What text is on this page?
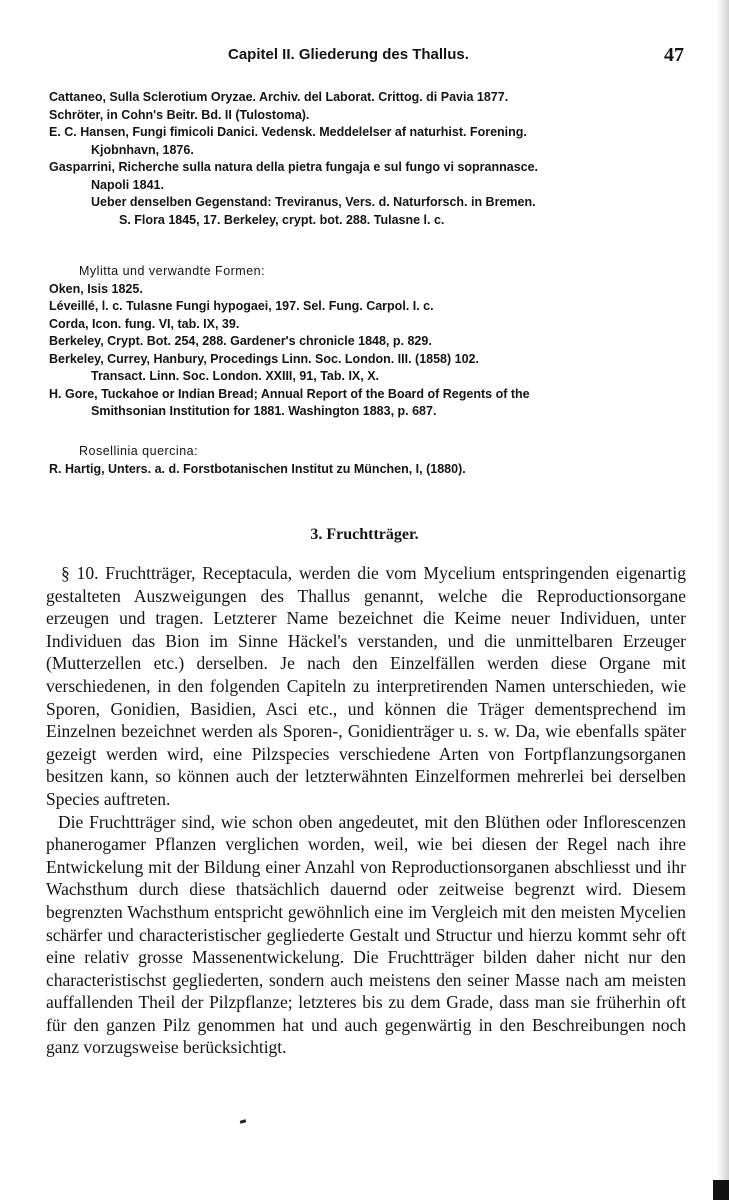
Capitel II. Gliederung des Thallus.	47
Cattaneo, Sulla Sclerotium Oryzae. Archiv. del Laborat. Crittog. di Pavia 1877.
Schröter, in Cohn's Beitr. Bd. II (Tulostoma).
E. C. Hansen, Fungi fimicoli Danici. Vedensk. Meddelelser af naturhist. Forening.
Kjobnhavn, 1876.
Gasparrini, Richerche sulla natura della pietra fungaja e sul fungo vi soprannasce.
Napoli 1841.
Ueber denselben Gegenstand: Treviranus, Vers. d. Naturforsch. in Bremen.
S. Flora 1845, 17. Berkeley, crypt. bot. 288. Tulasne l. c.
Mylitta und verwandte Formen:
Oken, Isis 1825.
Léveillé, l. c. Tulasne Fungi hypogaei, 197. Sel. Fung. Carpol. I. c.
Corda, Icon. fung. VI, tab. IX, 39.
Berkeley, Crypt. Bot. 254, 288. Gardener's chronicle 1848, p. 829.
Berkeley, Currey, Hanbury, Procedings Linn. Soc. London. III. (1858) 102.
Transact. Linn. Soc. London. XXIII, 91, Tab. IX, X.
H. Gore, Tuckahoe or Indian Bread; Annual Report of the Board of Regents of the
Smithsonian Institution for 1881. Washington 1883, p. 687.
Rosellinia quercina:
R. Hartig, Unters. a. d. Forstbotanischen Institut zu München, I, (1880).
3. Fruchtträger.

§ 10. Fruchtträger, Receptacula, werden die vom Mycelium entspringenden eigenartig gestalteten Auszweigungen des Thallus genannt, welche die Reproductionsorgane erzeugen und tragen. Letzterer Name bezeichnet die Keime neuer Individuen, unter Individuen das Bion im Sinne Häckel's verstanden, und die unmittelbaren Erzeuger (Mutterzellen etc.) derselben. Je nach den Einzelfällen werden diese Organe mit verschiedenen, in den folgenden Capiteln zu interpretirenden Namen unterschieden, wie Sporen, Gonidien, Basidien, Asci etc., und können die Träger dementsprechend im Einzelnen bezeichnet werden als Sporen-, Gonidienträger u. s. w. Da, wie ebenfalls später gezeigt werden wird, eine Pilzspecies verschiedene Arten von Fortpflanzungsorganen besitzen kann, so können auch der letzterwähnten Einzelformen mehrerlei bei derselben Species auftreten.

Die Fruchtträger sind, wie schon oben angedeutet, mit den Blüthen oder Inflorescenzen phanerogamer Pflanzen verglichen worden, weil, wie bei diesen der Regel nach ihre Entwickelung mit der Bildung einer Anzahl von Reproductionsorganen abschliesst und ihr Wachsthum durch diese thatsächlich dauernd oder zeitweise begrenzt wird. Diesem begrenzten Wachsthum entspricht gewöhnlich eine im Vergleich mit den meisten Mycelien schärfer und characteristischer gegliederte Gestalt und Structur und hierzu kommt sehr oft eine relativ grosse Massenentwickelung. Die Fruchtträger bilden daher nicht nur den characteristischst gegliederten, sondern auch meistens den seiner Masse nach am meisten auffallenden Theil der Pilzpflanze; letzteres bis zu dem Grade, dass man sie früherhin oft für den ganzen Pilz genommen hat und auch gegenwärtig in den Beschreibungen noch ganz vorzugsweise berücksichtigt.
